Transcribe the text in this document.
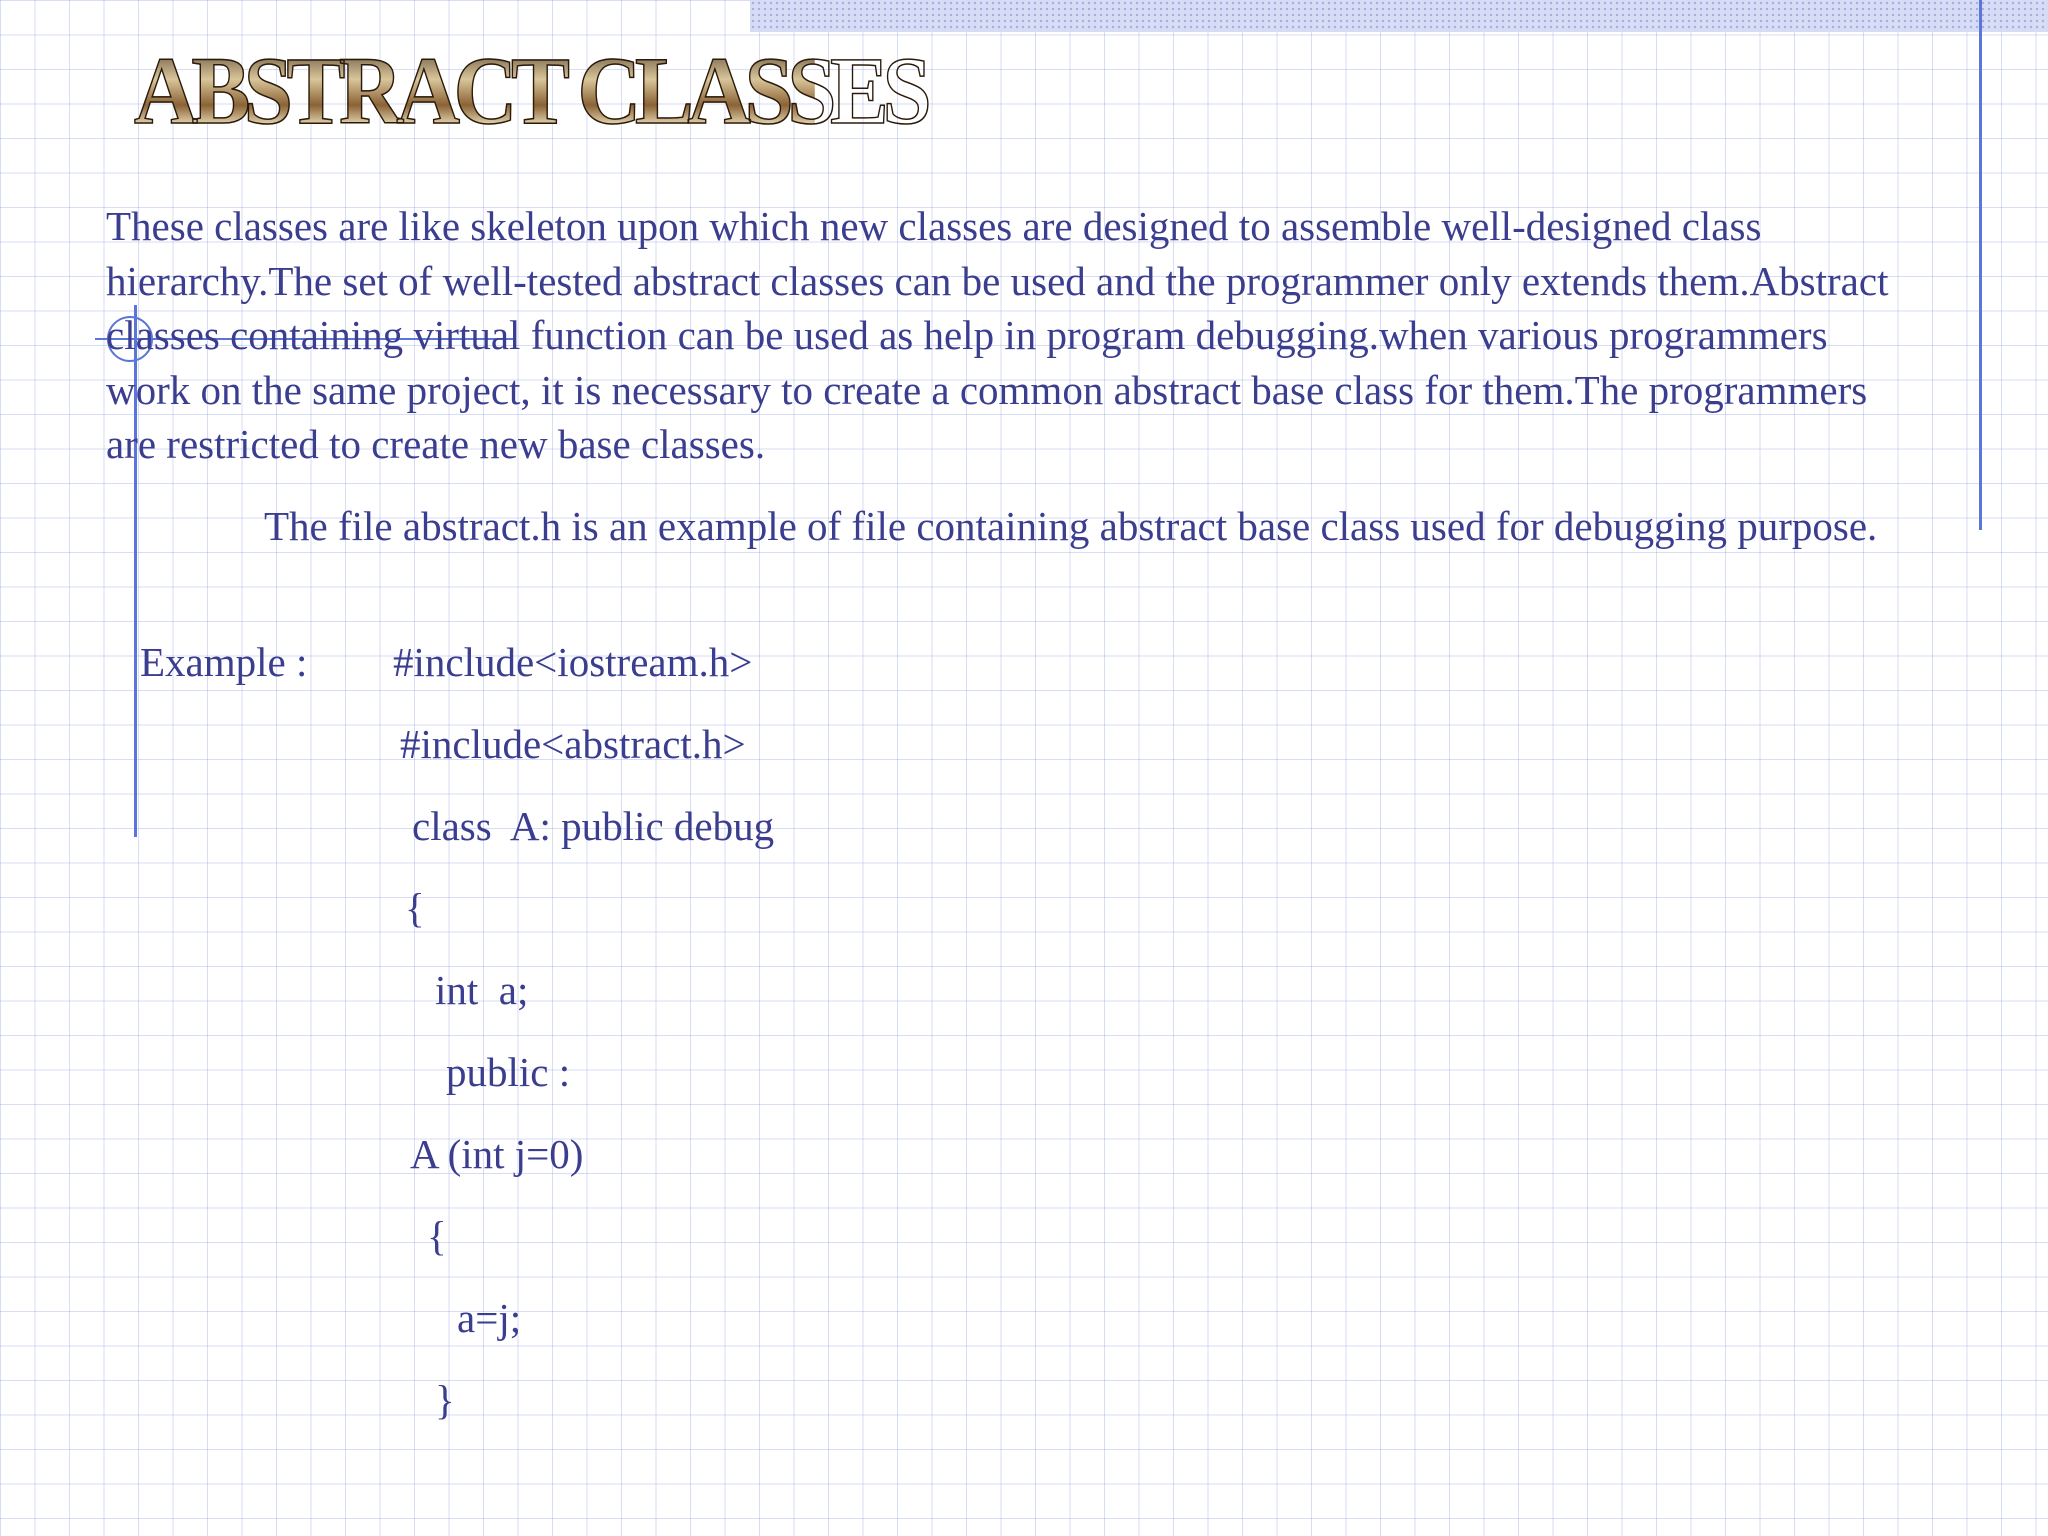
ABSTRACT CLASSES

These classes are like skeleton upon which new classes are designed to assemble well-designed class hierarchy.The set of well-tested abstract classes can be used and the programmer only extends them.Abstract classes containing virtual function can be used as help in program debugging.when various programmers work on the same project, it is necessary to create a common abstract base class for them.The programmers are restricted to create new base classes.

The file abstract.h is an example of file containing abstract base class used for debugging purpose.

Example : #include<iostream.h>
#include<abstract.h>
class  A: public debug
{
int  a;
public :
A (int j=0)
{
a=j;
}
